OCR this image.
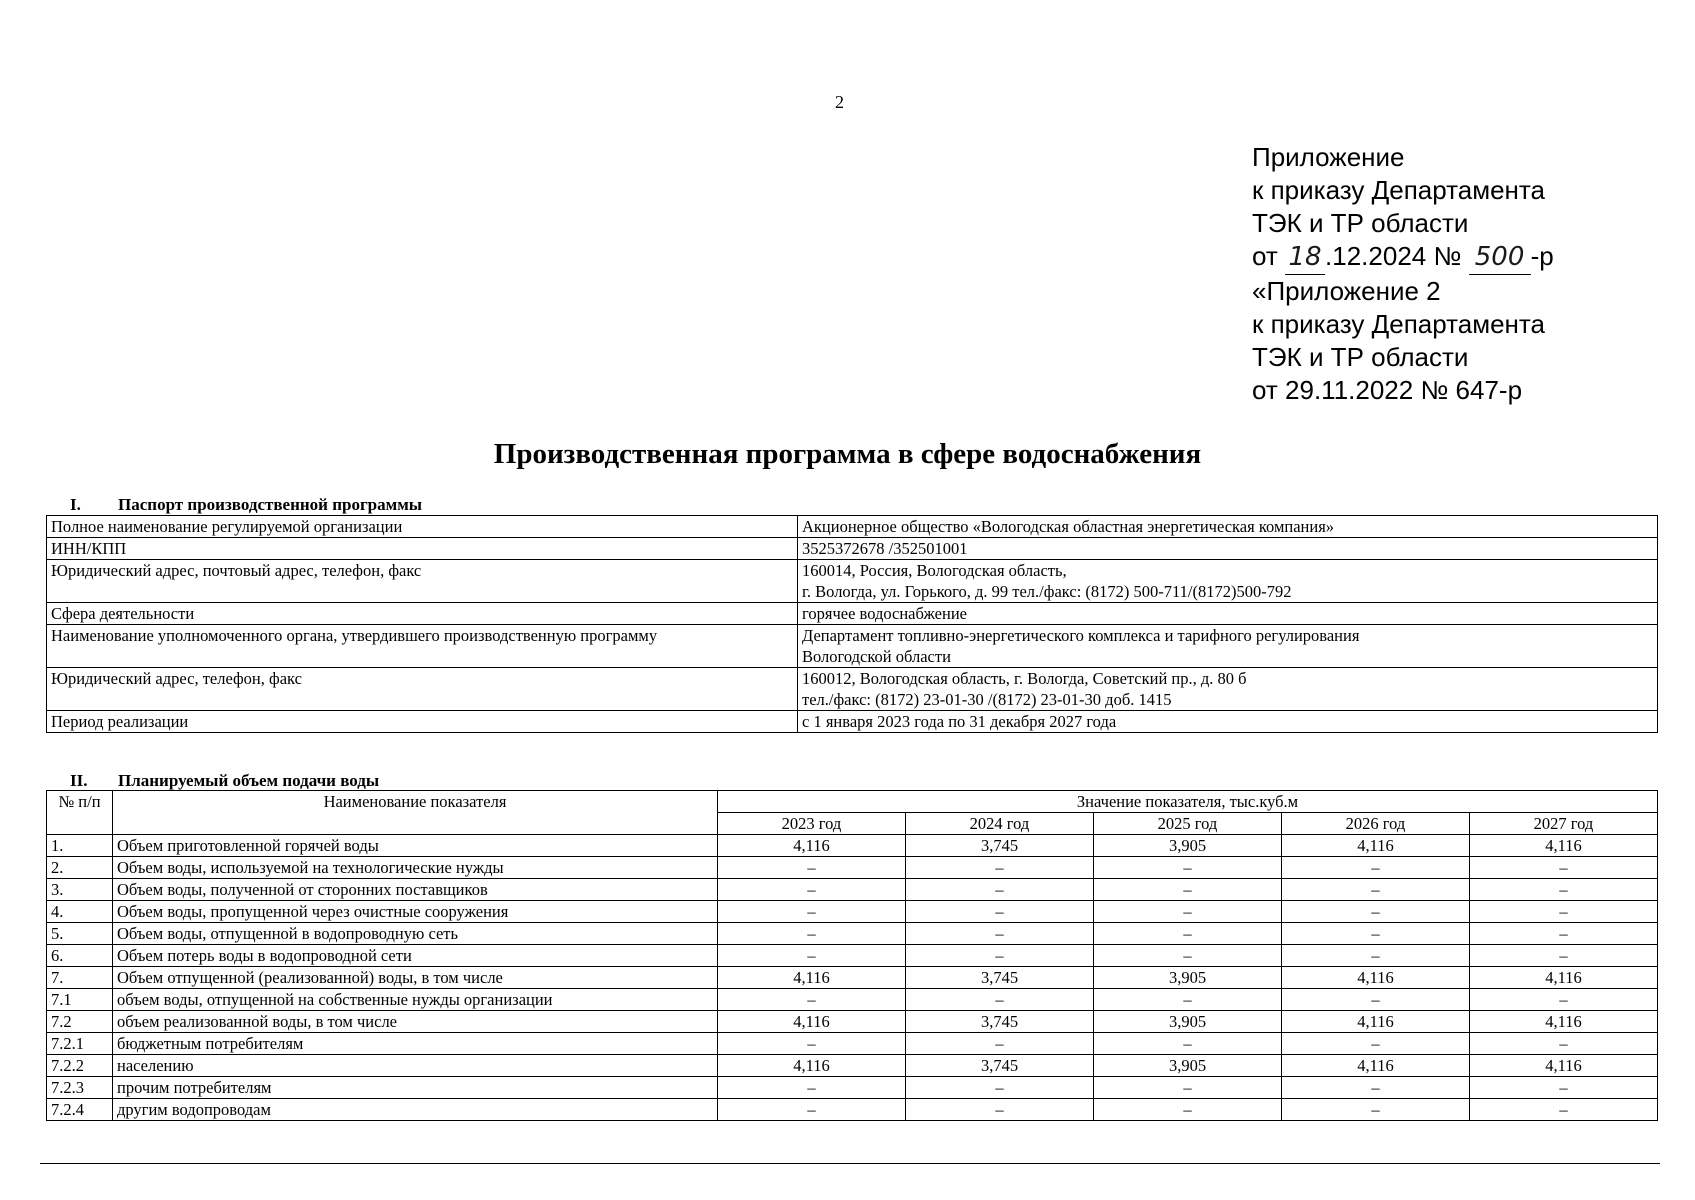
2
Приложение
к приказу Департамента
ТЭК и ТР области
от 18 .12.2024 № 500 -р
«Приложение 2
к приказу Департамента
ТЭК и ТР области
от 29.11.2022 № 647-р
Производственная программа в сфере водоснабжения
I. Паспорт производственной программы
Полное наименование регулируемой организации	Акционерное общество «Вологодская областная энергетическая компания»

ИНН/КПП	3525372678 /352501001

Юридический адрес, почтовый адрес, телефон, факс	160014, Россия, Вологодская область,
г. Вологда, ул. Горького, д. 99 тел./факс: (8172) 500-711/(8172)500-792

Сфера деятельности	горячее водоснабжение

Наименование уполномоченного органа, утвердившего производственную программу	Департамент топливно-энергетического комплекса и тарифного регулирования
Вологодской области

Юридический адрес, телефон, факс	160012, Вологодская область, г. Вологда, Советский пр., д. 80 б
тел./факс: (8172) 23-01-30 /(8172) 23-01-30 доб. 1415

Период реализации	с 1 января 2023 года по 31 декабря 2027 года
II. Планируемый объем подачи воды
№ п/п	Наименование показателя	Значение показателя, тыс.куб.м				
		2023 год	2024 год	2025 год	2026 год	2027 год
1.	Объем приготовленной горячей воды	4,116	3,745	3,905	4,116	4,116
2.	Объем воды, используемой на технологические нужды	–	–	–	–	–
3.	Объем воды, полученной от сторонних поставщиков	–	–	–	–	–
4.	Объем воды, пропущенной через очистные сооружения	–	–	–	–	–
5.	Объем воды, отпущенной в водопроводную сеть	–	–	–	–	–
6.	Объем потерь воды в водопроводной сети	–	–	–	–	–
7.	Объем отпущенной (реализованной) воды, в том числе	4,116	3,745	3,905	4,116	4,116
7.1	объем воды, отпущенной на собственные нужды организации	–	–	–	–	–
7.2	объем реализованной воды, в том числе	4,116	3,745	3,905	4,116	4,116
7.2.1	бюджетным потребителям	–	–	–	–	–
7.2.2	населению	4,116	3,745	3,905	4,116	4,116
7.2.3	прочим потребителям	–	–	–	–	–
7.2.4	другим водопроводам	–	–	–	–	–
